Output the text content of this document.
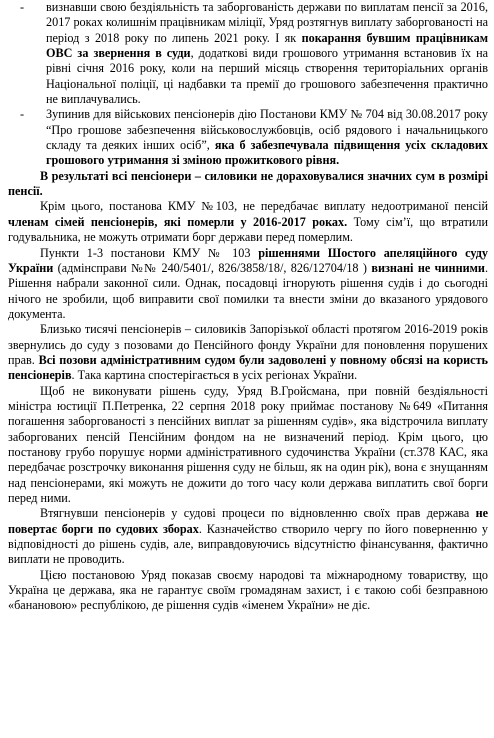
- визнавши свою бездіяльність та заборгованість держави по виплатам пенсії за 2016, 2017 роках колишнім працівникам міліції, Уряд розтягнув виплату заборгованості на період з 2018 року по липень 2021 року. І як покарання бувшим працівникам ОВС за звернення в суди, додаткові види грошового утримання встановив їх на рівні січня 2016 року, коли на перший місяць створення територіальних органів Національної поліції, ці надбавки та премії до грошового забезпечення практично не виплачувались.
- Зупинив для військових пенсіонерів дію Постанови КМУ № 704 від 30.08.2017 року “Про грошове забезпечення військовослужбовців, осіб рядового і начальницького складу та деяких інших осіб”, яка б забезпечувала підвищення усіх складових грошового утримання зі зміною прожиткового рівня.
В результаті всі пенсіонери – силовики не дораховувалися значних сум в розмірі пенсії.
Крім цього, постанова КМУ №103, не передбачає виплату недоотриманої пенсій членам сімей пенсіонерів, які померли у 2016-2017 роках. Тому сім’ї, що втратили годувальника, не можуть отримати борг держави перед померлим.
Пункти 1-3 постанови КМУ № 103 рішеннями Шостого апеляційного суду України (адмінсправи №№ 240/5401/, 826/3858/18/, 826/12704/18 ) визнані не чинними. Рішення набрали законної сили. Однак, посадовці ігнорують рішення судів і до сьогодні нічого не зробили, щоб виправити свої помилки та внести зміни до вказаного урядового документа.
Близько тисячі пенсіонерів – силовиків Запорізької області протягом 2016-2019 років звернулись до суду з позовами до Пенсійного фонду України для поновлення порушених прав. Всі позови адміністративним судом були задоволені у повному обсязі на користь пенсіонерів. Така картина спостерігається в усіх регіонах України.
Щоб не виконувати рішень суду, Уряд В.Гройсмана, при повній бездіяльності міністра юстиції П.Петренка, 22 серпня 2018 року приймає постанову №649 «Питання погашення заборгованості з пенсійних виплат за рішенням судів», яка відстрочила виплату заборгованих пенсій Пенсійним фондом на не визначений період. Крім цього, цю постанову грубо порушує норми адміністративного судочинства України (ст.378 КАС, яка передбачає розстрочку виконання рішення суду не більш, як на один рік), вона є знущанням над пенсіонерами, які можуть не дожити до того часу коли держава виплатить свої борги перед ними.
Втягнувши пенсіонерів у судові процеси по відновленню своїх прав держава не повертає борги по судових зборах. Казначейство створило чергу по його поверненню у відповідності до рішень судів, але, виправдовуючись відсутністю фінансування, фактично виплати не проводить.
Цією постановою Уряд показав своєму народові та міжнародному товариству, що Україна це держава, яка не гарантує своїм громадянам захист, і є такою собі безправною «банановою» республікою, де рішення судів «іменем України» не діє.
